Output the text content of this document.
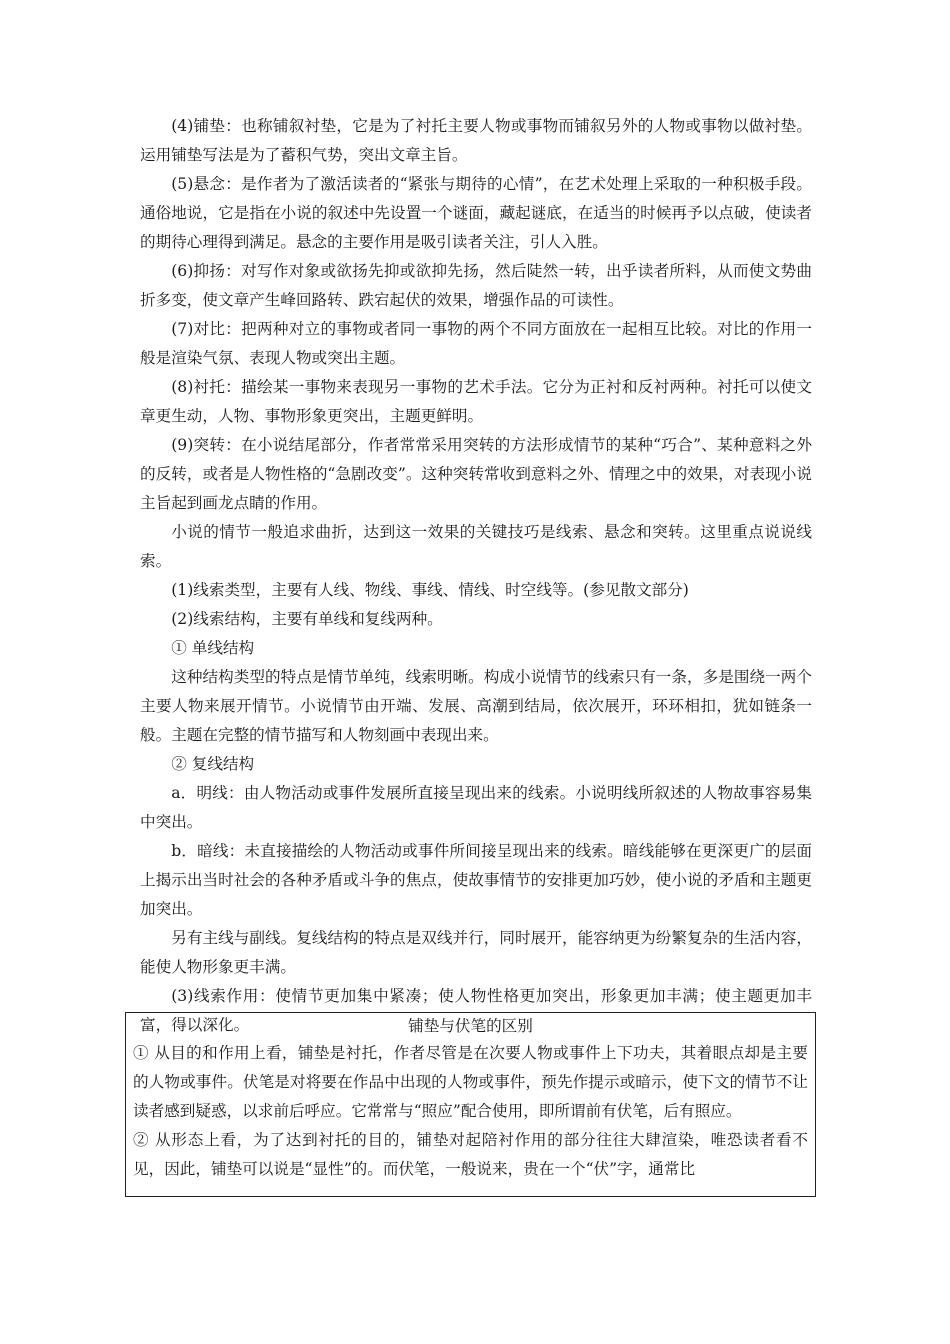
(4)铺垫：也称铺叙衬垫，它是为了衬托主要人物或事物而铺叙另外的人物或事物以做衬垫。运用铺垫写法是为了蓄积气势，突出文章主旨。

(5)悬念：是作者为了激活读者的“紧张与期待的心情”，在艺术处理上采取的一种积极手段。通俗地说，它是指在小说的叙述中先设置一个谜面，藏起谜底，在适当的时候再予以点破，使读者的期待心理得到满足。悬念的主要作用是吸引读者关注，引人入胜。

(6)抑扬：对写作对象或欲扬先抑或欲抑先扬，然后陡然一转，出乎读者所料，从而使文势曲折多变，使文章产生峰回路转、跌宕起伏的效果，增强作品的可读性。

(7)对比：把两种对立的事物或者同一事物的两个不同方面放在一起相互比较。对比的作用一般是渲染气氛、表现人物或突出主题。

(8)衬托：描绘某一事物来表现另一事物的艺术手法。它分为正衬和反衬两种。衬托可以使文章更生动，人物、事物形象更突出，主题更鲜明。

(9)突转：在小说结尾部分，作者常常采用突转的方法形成情节的某种“巧合”、某种意料之外的反转，或者是人物性格的“急剧改变”。这种突转常收到意料之外、情理之中的效果，对表现小说主旨起到画龙点睛的作用。

小说的情节一般追求曲折，达到这一效果的关键技巧是线索、悬念和突转。这里重点说说线索。

(1)线索类型，主要有人线、物线、事线、情线、时空线等。(参见散文部分)

(2)线索结构，主要有单线和复线两种。

① 单线结构

这种结构类型的特点是情节单纯，线索明晰。构成小说情节的线索只有一条，多是围绕一两个主要人物来展开情节。小说情节由开端、发展、高潮到结局，依次展开，环环相扣，犹如链条一般。主题在完整的情节描写和人物刻画中表现出来。

② 复线结构

a．明线：由人物活动或事件发展所直接呈现出来的线索。小说明线所叙述的人物故事容易集中突出。

b．暗线：未直接描绘的人物活动或事件所间接呈现出来的线索。暗线能够在更深更广的层面上揭示出当时社会的各种矛盾或斗争的焦点，使故事情节的安排更加巧妙，使小说的矛盾和主题更加突出。

另有主线与副线。复线结构的特点是双线并行，同时展开，能容纳更为纷繁复杂的生活内容，能使人物形象更丰满。

(3)线索作用：使情节更加集中紧凑；使人物性格更加突出，形象更加丰满；使主题更加丰富，得以深化。	铺垫与伏笔的区别

① 从目的和作用上看，铺垫是衬托，作者尽管是在次要人物或事件上下功夫，其着眼点却是主要的人物或事件。伏笔是对将要在作品中出现的人物或事件，预先作提示或暗示，使下文的情节不让读者感到疑惑，以求前后呼应。它常常与“照应”配合使用，即所谓前有伏笔，后有照应。

② 从形态上看，为了达到衬托的目的，铺垫对起陪衬作用的部分往往大肆渲染，唯恐读者看不见，因此，铺垫可以说是“显性”的。而伏笔，一般说来，贵在一个“伏”字，通常比
